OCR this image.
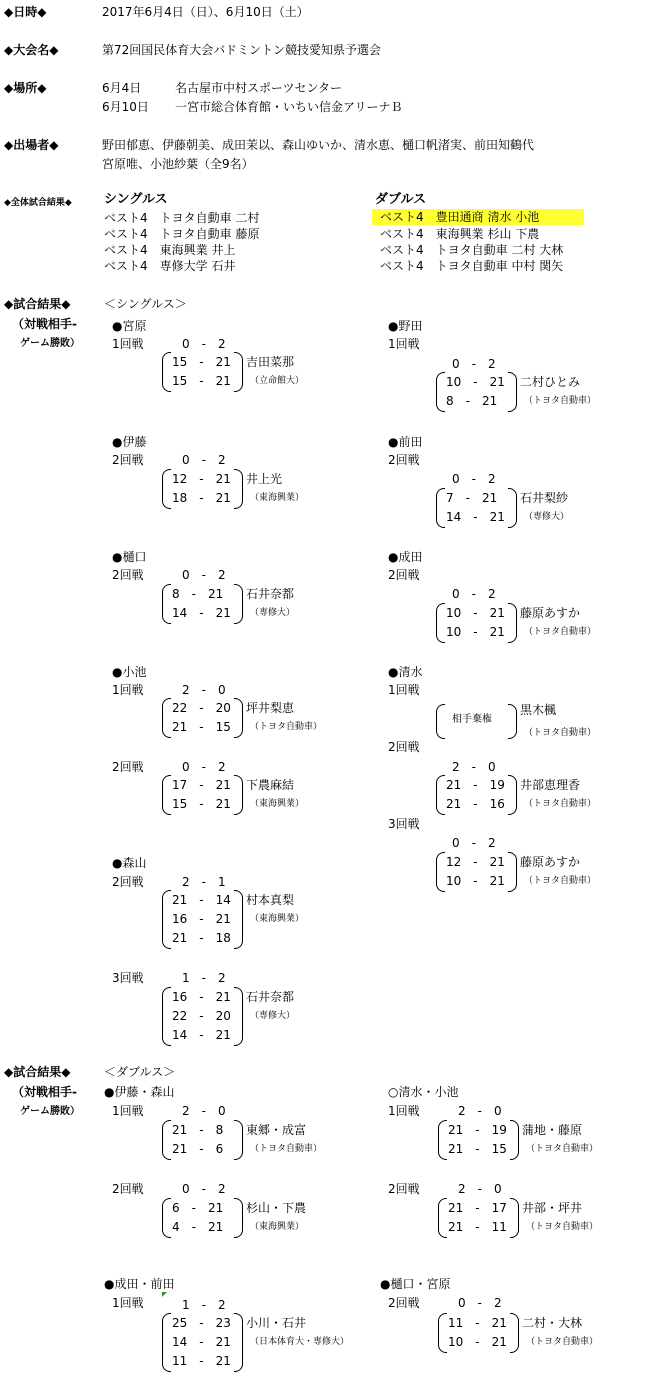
◆日時◆	2017年6月4日（日）、6月10日（土）
◆大会名◆	第72回国民体育大会バドミントン競技愛知県予選会
◆場所◆	6月4日	名古屋市中村スポーツセンター
6月10日 一宮市総合体育館・いちい信金アリーナＢ
◆出場者◆	野田郁恵、伊藤朝美、成田茉以、森山ゆいか、清水恵、樋口帆渚実、前田知鶴代
宮原唯、小池紗葉（全9名）
◆全体試合結果◆ シングルス
ベスト4　トヨタ自動車 二村
ベスト4　トヨタ自動車 藤原
ベスト4　東海興業 井上
ベスト4　専修大学 石井
ダブルス
ベスト4　豊田通商 清水 小池
ベスト4　東海興業 杉山 下農
ベスト4　トヨタ自動車 二村 大林
ベスト4　トヨタ自動車 中村 関矢
◆試合結果◆
（対戦相手-
ゲーム勝敗）
＜シングルス＞
◆試合結果◆
（対戦相手-
ゲーム勝敗）
＜ダブルス＞
●宮原
1回戦	0　-　2
15　-　21
15　-　21
吉田菜那
（立命館大）
●伊藤
2回戦	0　-　2
12　-　21
18　-　21
井上光
（東海興業）
●樋口
2回戦	0　-　2
8　-　21
14　-　21
石井奈都
（専修大）
●小池
1回戦	2　-　0
22　-　20
21　-　15
坪井梨恵
（トヨタ自動車）
2回戦	0　-　2
17　-　21
15　-　21
下農麻結
（東海興業）
●森山
2回戦	2　-　1
21　-　14
16　-　21
21　-　18
村本真梨
（東海興業）
3回戦	1　-　2
16　-　21
22　-　20
14　-　21
石井奈都
（専修大）
●野田
1回戦
0　-　2
10　-　21
8　-　21
二村ひとみ
（トヨタ自動車）
●前田
2回戦
0　-　2
7　-　21
14　-　21
石井梨紗
（専修大）
●成田
2回戦
0　-　2
10　-　21
10　-　21
藤原あすか
（トヨタ自動車）
●清水
1回戦
相手棄権
黒木楓
（トヨタ自動車）
2回戦
2　-　0
21　-　19
21　-　16
井部恵理香
（トヨタ自動車）
3回戦
0　-　2
12　-　21
10　-　21
藤原あすか
（トヨタ自動車）
●伊藤・森山
1回戦	2　-　0
21　-　8
21　-　6
東郷・成富
（トヨタ自動車）
2回戦	0　-　2
6　-　21
4　-　21
杉山・下農
（東海興業）
●成田・前田
1回戦	1　-　2
25　-　23
14　-　21
11　-　21
小川・石井
（日本体育大・専修大）
○清水・小池
1回戦	2　-　0
21　-　19
21　-　15
蒲地・藤原
（トヨタ自動車）
2回戦	2　-　0
21　-　17
21　-　11
井部・坪井
（トヨタ自動車）
●樋口・宮原
2回戦	0　-　2
11　-　21
10　-　21
二村・大林
（トヨタ自動車）
